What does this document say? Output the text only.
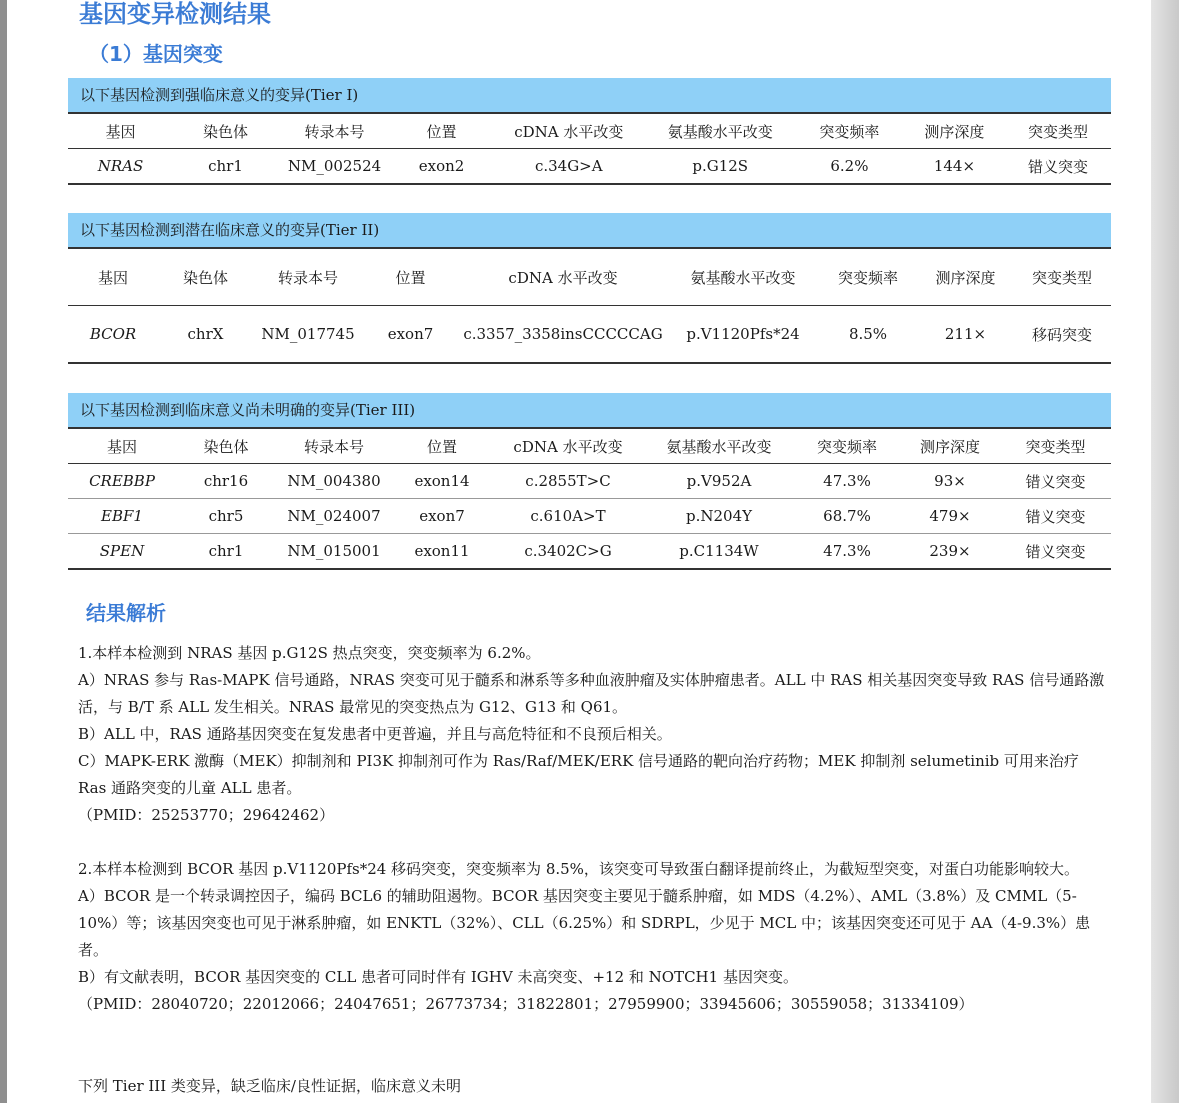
基因变异检测结果
（1）基因突变
以下基因检测到强临床意义的变异(Tier I)
基因	染色体	转录本号	位置	cDNA 水平改变	氨基酸水平改变	突变频率	测序深度	突变类型
NRAS	chr1	NM_002524	exon2	c.34G>A	p.G12S	6.2%	144×	错义突变
以下基因检测到潜在临床意义的变异(Tier II)
基因	染色体	转录本号	位置	cDNA 水平改变	氨基酸水平改变	突变频率	测序深度	突变类型
BCOR	chrX	NM_017745	exon7	c.3357_3358insCCCCCAG	p.V1120Pfs*24	8.5%	211×	移码突变
以下基因检测到临床意义尚未明确的变异(Tier III)
基因	染色体	转录本号	位置	cDNA 水平改变	氨基酸水平改变	突变频率	测序深度	突变类型
CREBBP	chr16	NM_004380	exon14	c.2855T>C	p.V952A	47.3%	93×	错义突变
EBF1	chr5	NM_024007	exon7	c.610A>T	p.N204Y	68.7%	479×	错义突变
SPEN	chr1	NM_015001	exon11	c.3402C>G	p.C1134W	47.3%	239×	错义突变
结果解析

1.本样本检测到 NRAS 基因 p.G12S 热点突变，突变频率为 6.2%。

A）NRAS 参与 Ras-MAPK 信号通路，NRAS 突变可见于髓系和淋系等多种血液肿瘤及实体肿瘤患者。ALL 中 RAS 相关基因突变导致 RAS 信号通路激活，与 B/T 系 ALL 发生相关。NRAS 最常见的突变热点为 G12、G13 和 Q61。

B）ALL 中，RAS 通路基因突变在复发患者中更普遍，并且与高危特征和不良预后相关。

C）MAPK-ERK 激酶（MEK）抑制剂和 PI3K 抑制剂可作为 Ras/Raf/MEK/ERK 信号通路的靶向治疗药物；MEK 抑制剂 selumetinib 可用来治疗 Ras 通路突变的儿童 ALL 患者。

（PMID：25253770；29642462）

2.本样本检测到 BCOR 基因 p.V1120Pfs*24 移码突变，突变频率为 8.5%，该突变可导致蛋白翻译提前终止，为截短型突变，对蛋白功能影响较大。

A）BCOR 是一个转录调控因子，编码 BCL6 的辅助阻遏物。BCOR 基因突变主要见于髓系肿瘤，如 MDS（4.2%）、AML（3.8%）及 CMML（5-10%）等；该基因突变也可见于淋系肿瘤，如 ENKTL（32%）、CLL（6.25%）和 SDRPL，少见于 MCL 中；该基因突变还可见于 AA（4-9.3%）患者。

B）有文献表明，BCOR 基因突变的 CLL 患者可同时伴有 IGHV 未高突变、+12 和 NOTCH1 基因突变。

（PMID：28040720；22012066；24047651；26773734；31822801；27959900；33945606；30559058；31334109）

下列 Tier III 类变异，缺乏临床/良性证据，临床意义未明
